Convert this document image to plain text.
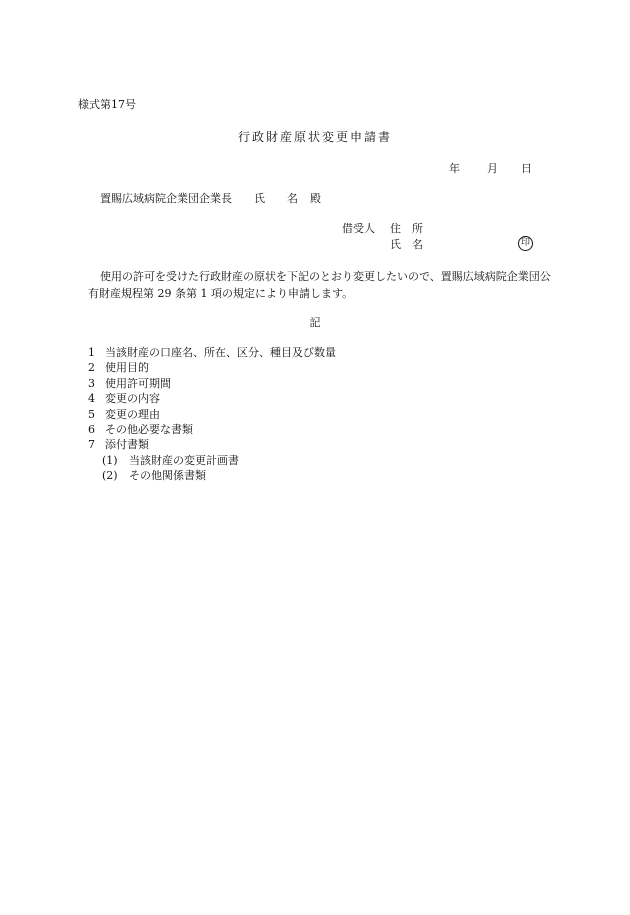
様式第17号
行政財産原状変更申請書
年 月 日
置賜広域病院企業団企業長 氏 名 殿
借受人 住　所
氏　名	印
使用の許可を受けた行政財産の原状を下記のとおり変更したいので、置賜広域病院企業団公有財産規程第 29 条第 1 項の規定により申請します。
記
1 当該財産の口座名、所在、区分、種目及び数量
2 使用目的
3 使用許可期間
4 変更の内容
5 変更の理由
6 その他必要な書類
7 添付書類
(1)	当該財産の変更計画書
(2)	その他関係書類
